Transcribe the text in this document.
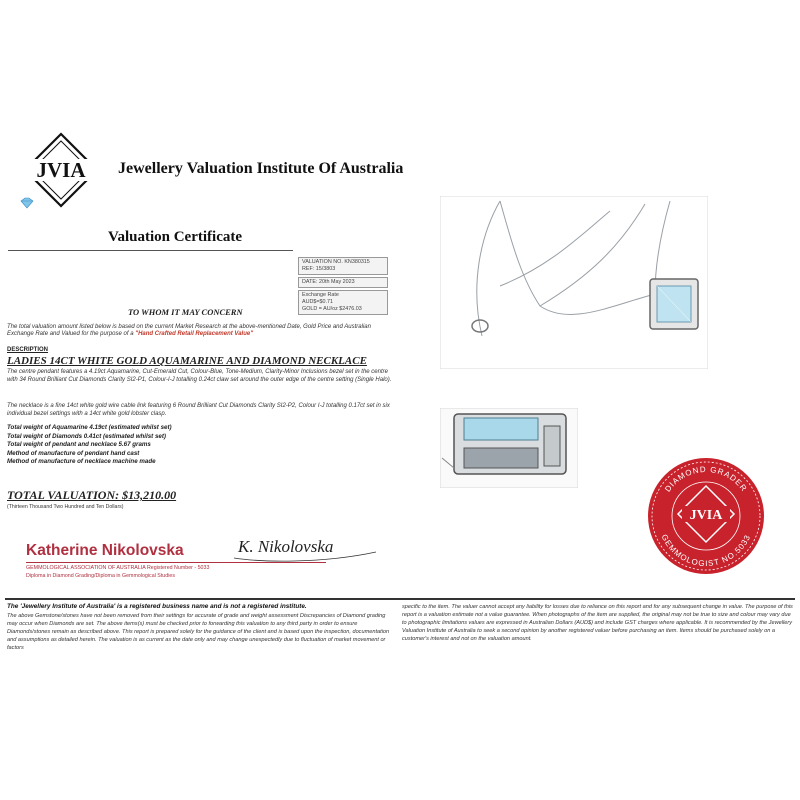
JVIA Jewellery Valuation Institute Of Australia
Valuation Certificate
VALUATION NO. KN380315
REF: 15/3803
DATE: 20th May 2023
Exchange Rate
AUD$=$0.71
GOLD = AU/oz $2476.03
TO WHOM IT MAY CONCERN
The total valuation amount listed below is based on the current Market Research at the above-mentioned Date, Gold Price and Australian Exchange Rate and Valued for the purpose of a "Hand Crafted Retail Replacement Value"
DESCRIPTION
LADIES 14CT WHITE GOLD AQUAMARINE AND DIAMOND NECKLACE
The centre pendant features a 4.19ct Aquamarine, Cut-Emerald Cut, Colour-Blue, Tone-Medium, Clarity-Minor Inclusions bezel set in the centre with 34 Round Brilliant Cut Diamonds Clarity SI2-P1, Colour-I-J totalling 0.24ct claw set around the outer edge of the centre setting (Single Halo).
The necklace is a fine 14ct white gold wire cable link featuring 6 Round Brilliant Cut Diamonds Clarity SI2-P2, Colour I-J totalling 0.17ct set in six individual bezel settings with a 14ct white gold lobster clasp.
Total weight of Aquamarine 4.19ct (estimated whilst set)
Total weight of Diamonds 0.41ct (estimated whilst set)
Total weight of pendant and necklace 5.67 grams
Method of manufacture of pendant hand cast
Method of manufacture of necklace machine made
TOTAL VALUATION: $13,210.00
(Thirteen Thousand Two Hundred and Ten Dollars)
Katherine Nikolovska	K. Nikolovska
GEMMOLOGICAL ASSOCIATION OF AUSTRALIA Registered Number - 5033
Diploma in Diamond Grading/Diploma in Gemmological Studies
DIAMOND GRADER
GEMMOLOGIST NO.5033
JVIA
The 'Jewellery Institute of Australia' is a registered business name and is not a registered institute.
The above Gemstone/stones have not been removed from their settings for accurate of grade and weight assessment Discrepancies of Diamond grading may occur when Diamonds are set. The above items(s) must be checked prior to forwarding this valuation to any third party in order to ensure Diamonds/stones remain as described above. This report is prepared solely for the guidance of the client and is based upon the inspection, documentation and assumptions as detailed herein. The valuation is as current as the date only and may change unexpectedly due to fluctuation of market movement or factors
specific to the item. The valuer cannot accept any liability for losses due to reliance on this report and for any subsequent change in value. The purpose of this report is a valuation estimate not a value guarantee. When photographs of the item are supplied, the original may not be true to size and colour may vary due to photographic limitations values are expressed in Australian Dollars (AUD$) and include GST charges where applicable. It is recommended by the Jewellery Valuation Institute of Australia to seek a second opinion by another registered valuer before purchasing an item. Items should be purchased solely on a customer's interest and not on the valuation amount.
